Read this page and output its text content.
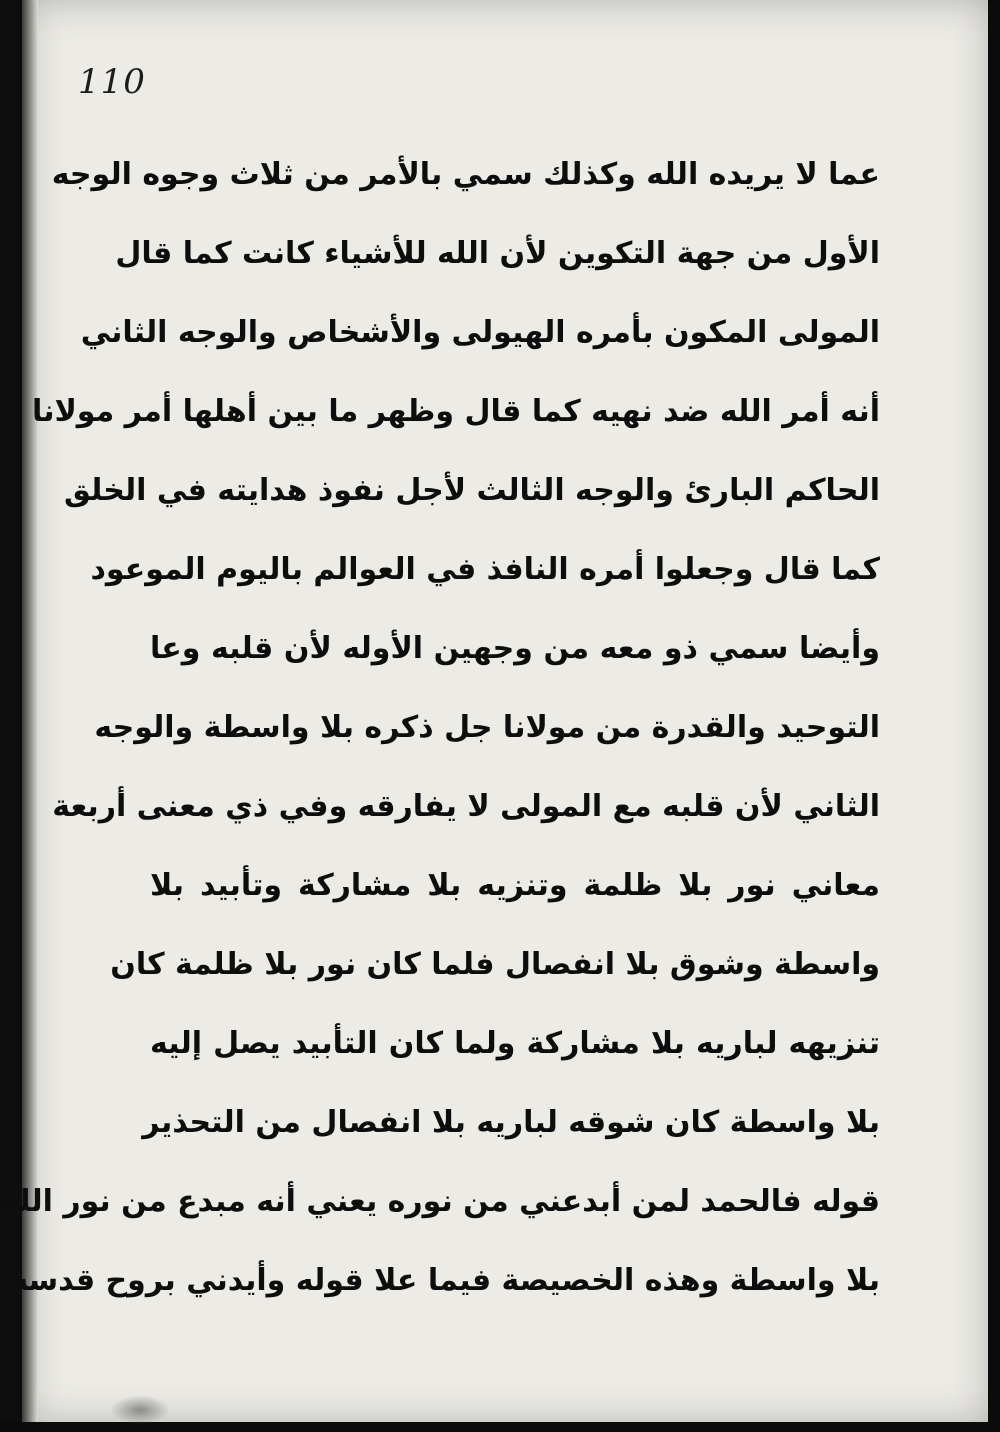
110
عما لا يريده الله وكذلك سمي بالأمر من ثلاث وجوه الوجه
الأول من جهة التكوين لأن الله للأشياء كانت كما قال
المولى المكون بأمره الهيولى والأشخاص والوجه الثاني
أنه أمر الله ضد نهيه كما قال وظهر ما بين أهلها أمر مولانا
الحاكم البارئ والوجه الثالث لأجل نفوذ هدايته في الخلق
كما قال وجعلوا أمره النافذ في العوالم باليوم الموعود
وأيضا سمي ذو معه من وجهين الأوله لأن قلبه وعا
التوحيد والقدرة من مولانا جل ذكره بلا واسطة والوجه
الثاني لأن قلبه مع المولى لا يفارقه وفي ذي معنى أربعة
معاني نور بلا ظلمة وتنزيه بلا مشاركة وتأبيد بلا
واسطة وشوق بلا انفصال فلما كان نور بلا ظلمة كان
تنزيهه لباريه بلا مشاركة ولما كان التأبيد يصل إليه
بلا واسطة كان شوقه لباريه بلا انفصال من التحذير
قوله فالحمد لمن أبدعني من نوره يعني أنه مبدع من نور الله
بلا واسطة وهذه الخصيصة فيما علا قوله وأيدني بروح قدسه
